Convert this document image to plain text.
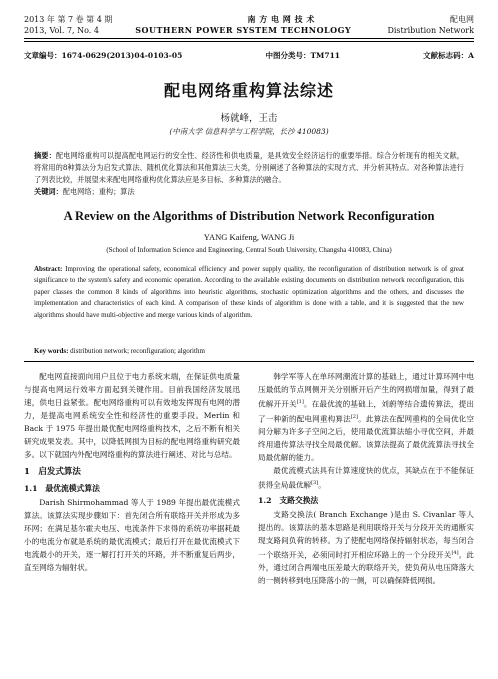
2013 年 第 7 卷 第 4 期	南 方 电 网 技 术	配电网
2013, Vol. 7, No. 4	SOUTHERN POWER SYSTEM TECHNOLOGY	Distribution Network
文章编号：1674-0629(2013)04-0103-05	中图分类号：TM711	文献标志码：A
配电网络重构算法综述
杨就峰，王击
(中南大学 信息科学与工程学院，长沙 410083)
摘要：配电网络重构可以提高配电网运行的安全性、经济性和供电质量，是具效安全经济运行的重要举措。综合分析现有的相关文献，将常用的8种算法分为启发式算法、随机优化算法和其他算法三大类，分别阐述了各种算法的实现方式、并分析其特点。对各种算法进行了列表比较，并展望未来配电网络重构优化算法应是多目标、多种算法的融合。
关键词：配电网络；重构；算法
A Review on the Algorithms of Distribution Network Reconfiguration
YANG Kaifeng, WANG Ji
(School of Information Science and Engineering, Central South University, Changsha 410083, China)
Abstract: Improving the operational safety, economical efficiency and power supply quality, the reconfiguration of distribution network is of great significance to the system's safety and economic operation. According to the available existing documents on distribution network reconfiguration, this paper classes the common 8 kinds of algorithms into heuristic algorithms, stochastic optimization algorithms and the others, and discusses the implementation and characteristics of each kind. A comparison of these kinds of algorithm is done with a table, and it is suggested that the new algorithms should have multi-objective and merge various kinds of algorithm.
Key words: distribution network; reconfiguration; algorithm

配电网直接面向用户且位于电力系统末端，在保证供电质量与提高电网运行效率方面起到关键作用。目前我国经济发展迅速，供电日益紧张。配电网络重构可以有效地发挥现有电网的潜力，是提高电网系统安全性和经济性的重要手段。Merlin 和 Back 于 1975 年提出最优配电网络重构技术，之后不断有相关研究成果发表。其中，以降低网损为目标的配电网络重构研究最多。以下就国内外配电网络重构的算法进行阐述、对比与总结。

1　启发式算法
1.1　最优流模式算法

Darish Shirmohammad 等人于 1989 年提出最优流模式算法。该算法实现步骤如下：首先闭合所有联络开关并形成为多环网；在满足基尔霍夫电压、电流条件下求得的系统功率据耗最小的电流分布就是系统的最优流模式；最后打开在最优流模式下电流最小的开关，逐一解打打开关的环路，并不断重复后两步，直至网络为辐射状。

韩学军等人在单环网潮流计算的基础上，通过计算环网中电压最低的节点网侧开关分别断开后产生的网损增加量，得到了最优解开开关[1]。在最优流的基础上，刘蔚等结合遗传算法，提出了一种新的配电网重构算法[2]。此算法在配网重构的全局优化空间分解为许多子空间之后，使用最优流算法缩小寻优空间，并最终用遗传算法寻找全局最优解。该算法提高了最优流算法寻找全局最优解的能力。

最优流模式法具有计算速度快的优点，其缺点在于不能保证获得全局最优解[3]。

1.2　支路交换法

支路交换法( Branch Exchange )是由 S. Civanlar 等人提出的。该算法的基本思路是利用联络开关与分段开关的通断实现支路间负荷的转移。为了使配电网络保持辐射状态，每当闭合一个联络开关，必须同时打开相应环路上的一个分段开关[4]。此外，通过闭合两端电压差最大的联络开关，使负荷从电压降落大的一侧转移到电压降落小的一侧，可以确保降低网损。
